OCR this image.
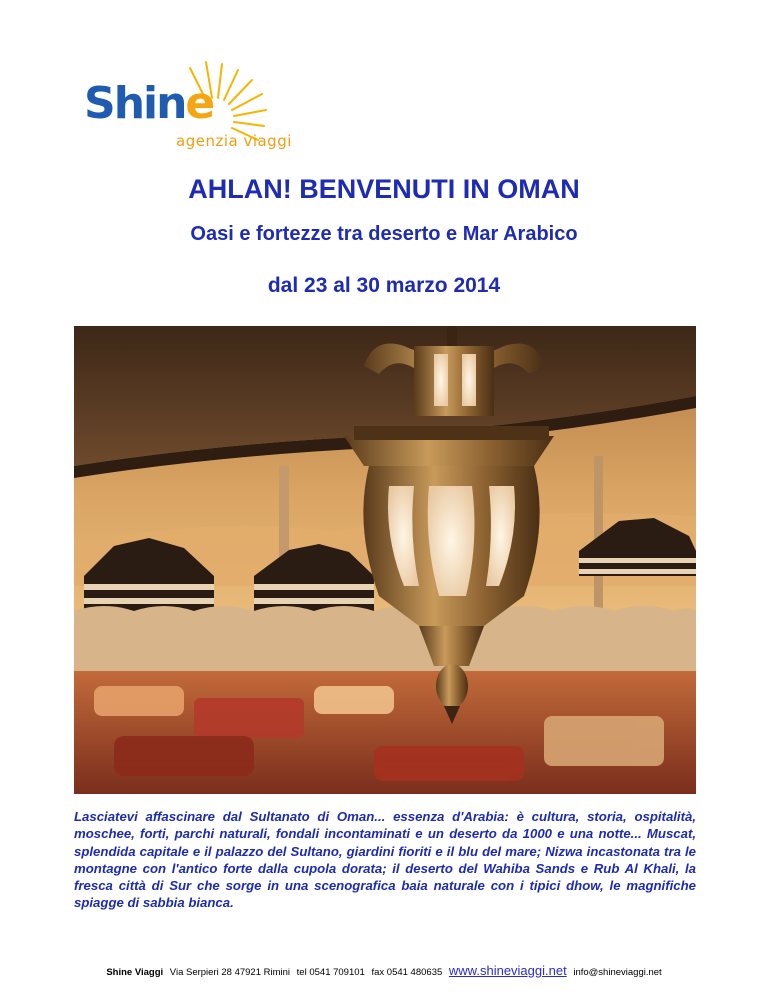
Shine
agenzia viaggi
AHLAN! BENVENUTI IN OMAN
Oasi e fortezze tra deserto e Mar Arabico
dal 23 al 30 marzo 2014

Lasciatevi affascinare dal Sultanato di Oman... essenza d'Arabia: è cultura, storia, ospitalità, moschee, forti, parchi naturali, fondali incontaminati e un deserto da 1000 e una notte... Muscat, splendida capitale e il palazzo del Sultano, giardini fioriti e il blu del mare; Nizwa incastonata tra le montagne con l'antico forte dalla cupola dorata; il deserto del Wahiba Sands e Rub Al Khali, la fresca città di Sur che sorge in una scenografica baia naturale con i tipici dhow, le magnifiche spiagge di sabbia bianca.

Shine Viaggi Via Serpieri 28 47921 Rimini tel 0541 709101 fax 0541 480635 www.shineviaggi.net info@shineviaggi.net
